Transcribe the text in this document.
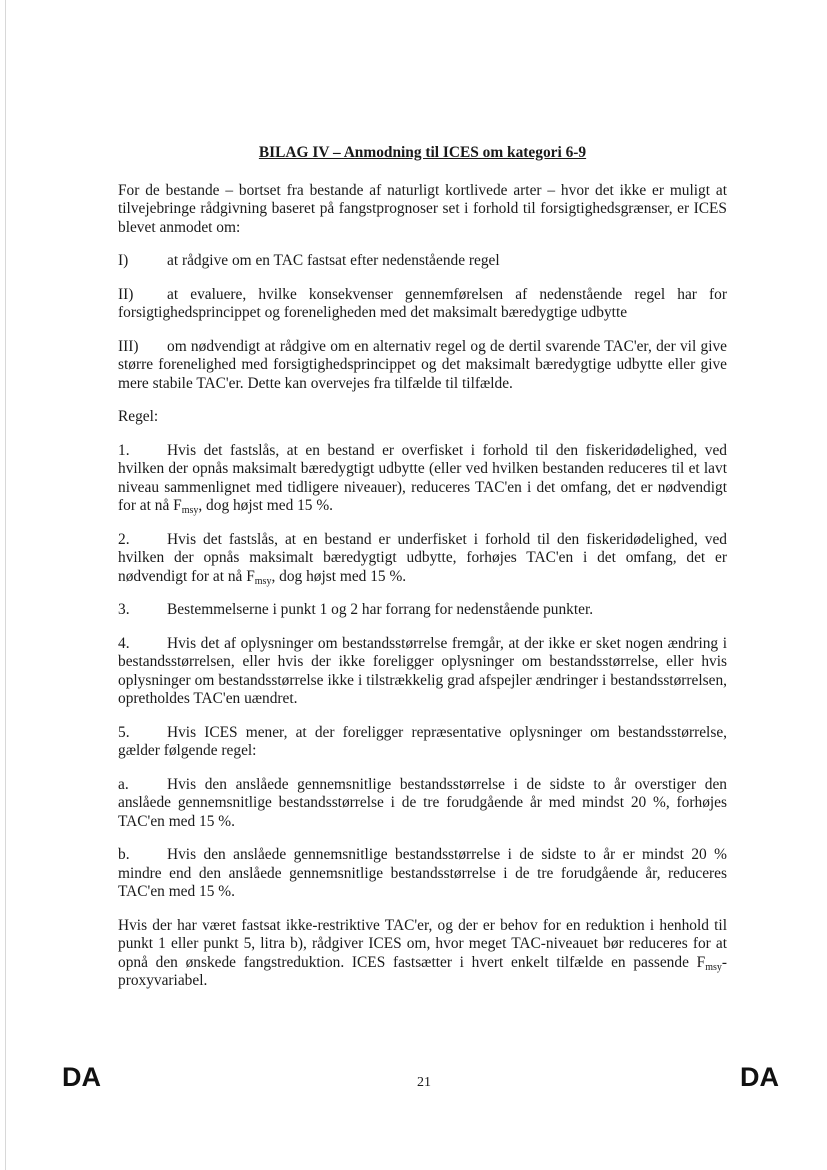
BILAG IV – Anmodning til ICES om kategori 6-9

For de bestande – bortset fra bestande af naturligt kortlivede arter – hvor det ikke er muligt at tilvejebringe rådgivning baseret på fangstprognoser set i forhold til forsigtighedsgrænser, er ICES blevet anmodet om:

I)	at rådgive om en TAC fastsat efter nedenstående regel

II) at evaluere, hvilke konsekvenser gennemførelsen af nedenstående regel har for forsigtighedsprincippet og foreneligheden med det maksimalt bæredygtige udbytte

III) om nødvendigt at rådgive om en alternativ regel og de dertil svarende TAC'er, der vil give større forenelighed med forsigtighedsprincippet og det maksimalt bæredygtige udbytte eller give mere stabile TAC'er. Dette kan overvejes fra tilfælde til tilfælde.

Regel:

1. Hvis det fastslås, at en bestand er overfisket i forhold til den fiskeridødelighed, ved hvilken der opnås maksimalt bæredygtigt udbytte (eller ved hvilken bestanden reduceres til et lavt niveau sammenlignet med tidligere niveauer), reduceres TAC'en i det omfang, det er nødvendigt for at nå $F_{msy}$, dog højst med 15 %.

2. Hvis det fastslås, at en bestand er underfisket i forhold til den fiskeridødelighed, ved hvilken der opnås maksimalt bæredygtigt udbytte, forhøjes TAC'en i det omfang, det er nødvendigt for at nå $F_{msy}$, dog højst med 15 %.

3. Bestemmelserne i punkt 1 og 2 har forrang for nedenstående punkter.

4. Hvis det af oplysninger om bestandsstørrelse fremgår, at der ikke er sket nogen ændring i bestandsstørrelsen, eller hvis der ikke foreligger oplysninger om bestandsstørrelse, eller hvis oplysninger om bestandsstørrelse ikke i tilstrækkelig grad afspejler ændringer i bestandsstørrelsen, opretholdes TAC'en uændret.

5. Hvis ICES mener, at der foreligger repræsentative oplysninger om bestandsstørrelse, gælder følgende regel:

a. Hvis den anslåede gennemsnitlige bestandsstørrelse i de sidste to år overstiger den anslåede gennemsnitlige bestandsstørrelse i de tre forudgående år med mindst 20 %, forhøjes TAC'en med 15 %.

b. Hvis den anslåede gennemsnitlige bestandsstørrelse i de sidste to år er mindst 20 % mindre end den anslåede gennemsnitlige bestandsstørrelse i de tre forudgående år, reduceres TAC'en med 15 %.

Hvis der har været fastsat ikke-restriktive TAC'er, og der er behov for en reduktion i henhold til punkt 1 eller punkt 5, litra b), rådgiver ICES om, hvor meget TAC-niveauet bør reduceres for at opnå den ønskede fangstreduktion. ICES fastsætter i hvert enkelt tilfælde en passende $F_{msy}$-proxyvariabel.

DA	21	DA
